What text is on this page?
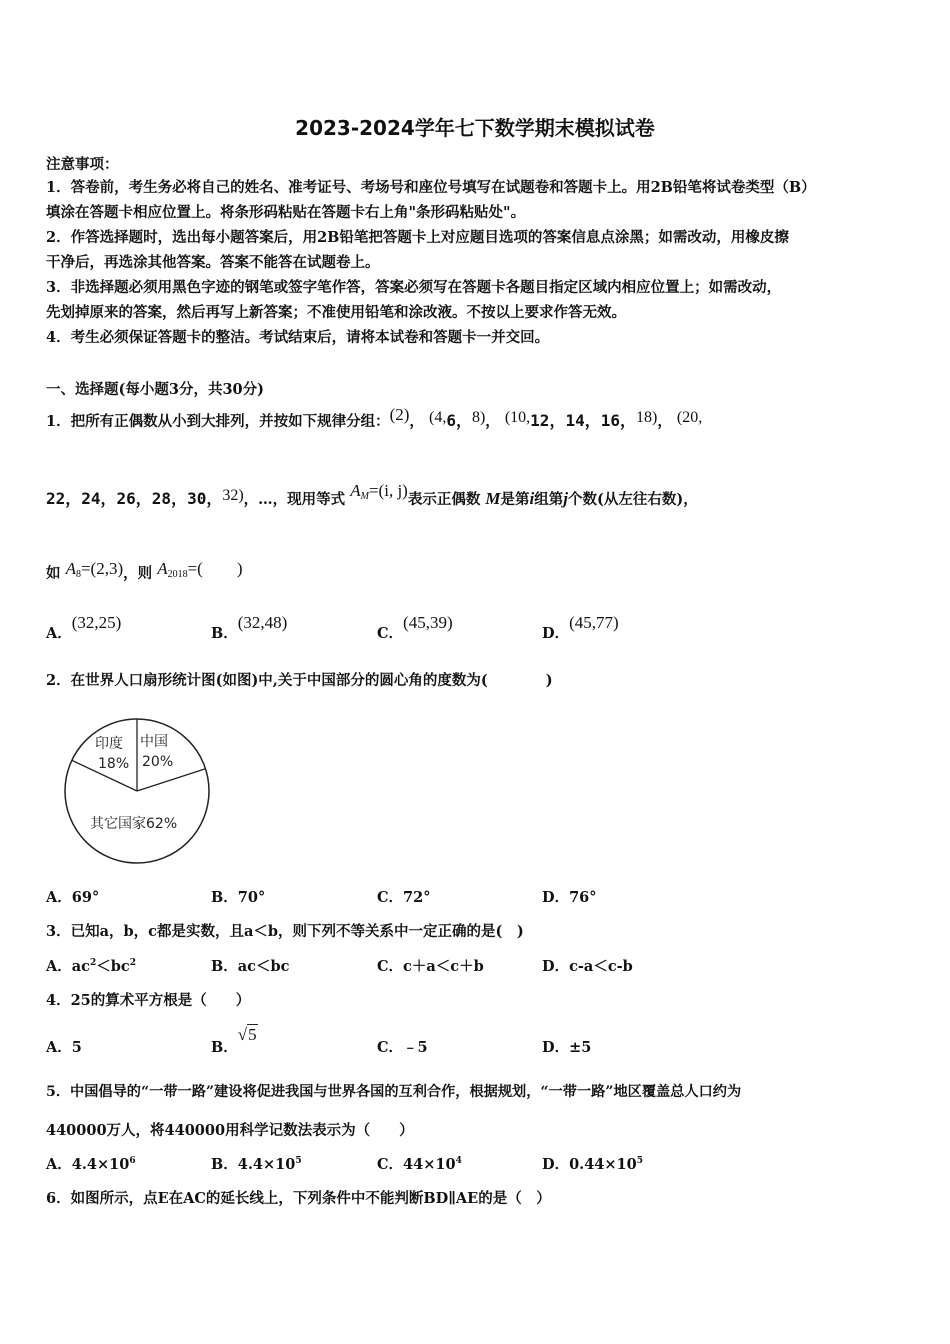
2023-2024学年七下数学期末模拟试卷
注意事项：
1．答卷前，考生务必将自己的姓名、准考证号、考场号和座位号填写在试题卷和答题卡上。用2B铅笔将试卷类型（B）
填涂在答题卡相应位置上。将条形码粘贴在答题卡右上角"条形码粘贴处"。
2．作答选择题时，选出每小题答案后，用2B铅笔把答题卡上对应题目选项的答案信息点涂黑；如需改动，用橡皮擦
干净后，再选涂其他答案。答案不能答在试题卷上。
3．非选择题必须用黑色字迹的钢笔或签字笔作答，答案必须写在答题卡各题目指定区域内相应位置上；如需改动，
先划掉原来的答案，然后再写上新答案；不准使用铅笔和涂改液。不按以上要求作答无效。
4．考生必须保证答题卡的整洁。考试结束后，请将本试卷和答题卡一并交回。
一、选择题(每小题3分，共30分)
1．把所有正偶数从小到大排列，并按如下规律分组：(2)， (4,6，8)， (10,12，14，16，18)， (20,
22，24，26，28，30，32)，…，现用等式 $A_M=(i$, j)表示正偶数 M是第i组第j个数(从左往右数)，
如 $A_8=(2,3)$，则 $A_{2018}=$(　　)
A．(32,25)
B．(32,48)
C．(45,39)
D．(45,77)
2．在世界人口扇形统计图(如图)中,关于中国部分的圆心角的度数为(　　　　)
中国
20%
印度
18%
其它国家62%
A．69°	B．70°	C．72°	D．76°
3．已知a，b，c都是实数，且a＜b，则下列不等关系中一定正确的是(　)
A．$ac^2<bc^2$	B．ac＜bc	C．c＋a＜c＋b	D．c-a＜c-b
4．25的算术平方根是（　　）
A．5	B．√5
C．﹣5	D．±5
5．中国倡导的“一带一路”建设将促进我国与世界各国的互利合作，根据规划，“一带一路”地区覆盖总人口约为
440000万人，将440000用科学记数法表示为（　　）
A．$4.4\times 10^6$	B．$4.4\times 10^5$	C．$44\times 10^4$	D．$0.44\times 10^5$
6．如图所示，点E在AC的延长线上，下列条件中不能判断BD∥AE的是（　）
